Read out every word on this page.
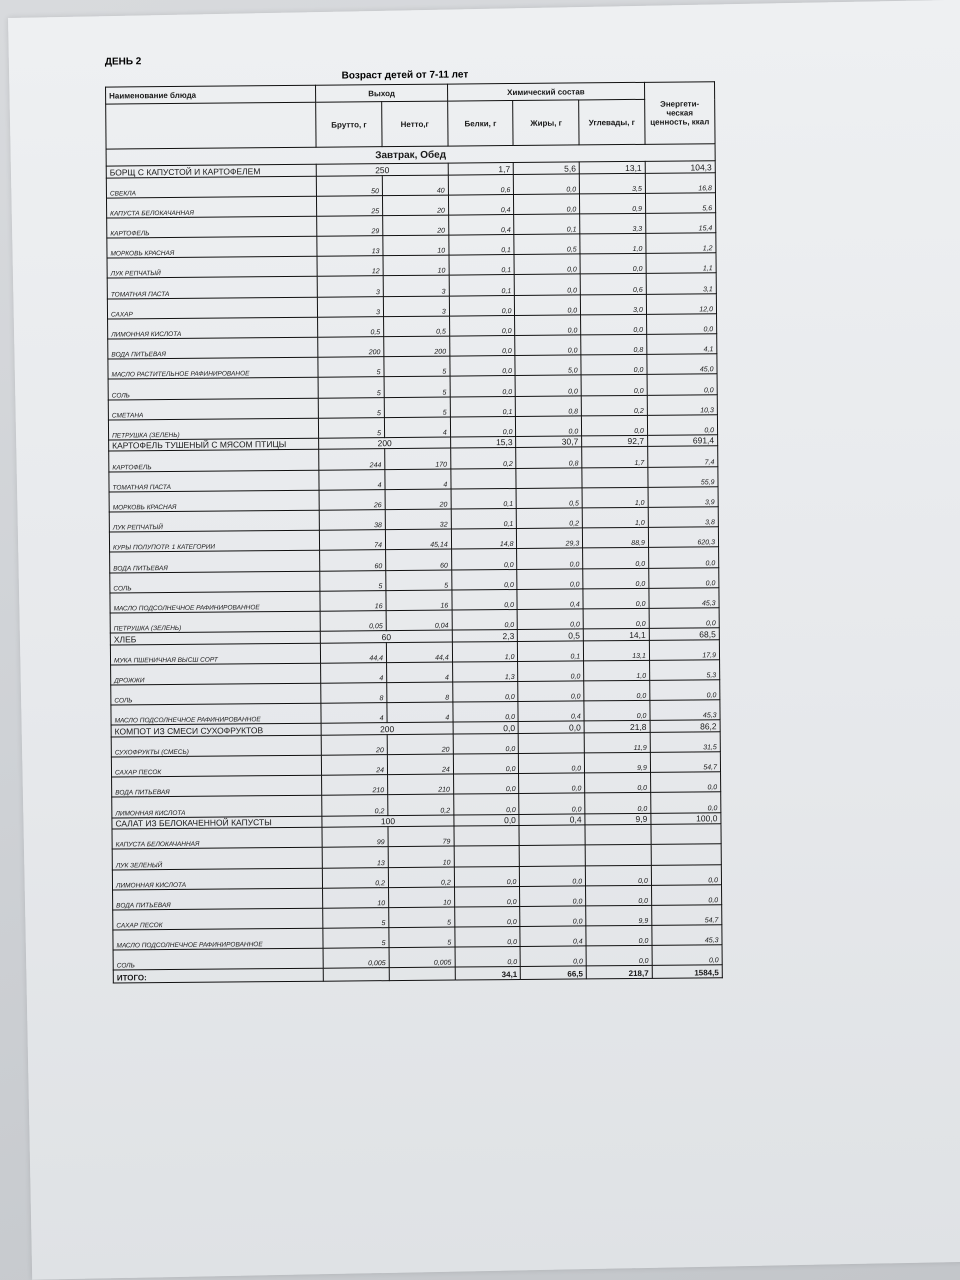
ДЕНЬ 2
Возраст детей от 7-11 лет
Наименование блюда	Выход		Химический состав			Энергети-ческая ценность, ккал
	Брутто, г	Нетто,г	Белки, г	Жиры, г	Углевады, г	
Завтрак, Обед						
БОРЩ С КАПУСТОЙ И КАРТОФЕЛЕМ	250		1,7	5,6	13,1	104,3
СВЕКЛА	50	40	0,6	0,0	3,5	16,8
КАПУСТА БЕЛОКАЧАННАЯ	25	20	0,4	0,0	0,9	5,6
КАРТОФЕЛЬ	29	20	0,4	0,1	3,3	15,4
МОРКОВЬ КРАСНАЯ	13	10	0,1	0,5	1,0	1,2
ЛУК РЕПЧАТЫЙ	12	10	0,1	0,0	0,0	1,1
ТОМАТНАЯ ПАСТА	3	3	0,1	0,0	0,6	3,1
САХАР	3	3	0,0	0,0	3,0	12,0
ЛИМОННАЯ КИСЛОТА	0,5	0,5	0,0	0,0	0,0	0,0
ВОДА ПИТЬЕВАЯ	200	200	0,0	0,0	0,8	4,1
МАСЛО РАСТИТЕЛЬНОЕ РАФИНИРОВАНОЕ	5	5	0,0	5,0	0,0	45,0
СОЛЬ	5	5	0,0	0,0	0,0	0,0
СМЕТАНА	5	5	0,1	0,8	0,2	10,3
ПЕТРУШКА (ЗЕЛЕНЬ)	5	4	0,0	0,0	0,0	0,0
КАРТОФЕЛЬ ТУШЕНЫЙ С МЯСОМ ПТИЦЫ	200		15,3	30,7	92,7	691,4
КАРТОФЕЛЬ	244	170	0,2	0,8	1,7	7,4
ТОМАТНАЯ ПАСТА	4	4				55,9
МОРКОВЬ КРАСНАЯ	26	20	0,1	0,5	1,0	3,9
ЛУК РЕПЧАТЫЙ	38	32	0,1	0,2	1,0	3,8
КУРЫ ПОЛУПОТР. 1 КАТЕГОРИИ	74	45,14	14,8	29,3	88,9	620,3
ВОДА ПИТЬЕВАЯ	60	60	0,0	0,0	0,0	0,0
СОЛЬ	5	5	0,0	0,0	0,0	0,0
МАСЛО ПОДСОЛНЕЧНОЕ РАФИНИРОВАННОЕ	16	16	0,0	0,4	0,0	45,3
ПЕТРУШКА (ЗЕЛЕНЬ)	0,05	0,04	0,0	0,0	0,0	0,0
ХЛЕБ	60		2,3	0,5	14,1	68,5
МУКА ПШЕНИЧНАЯ ВЫСШ СОРТ	44,4	44,4	1,0	0,1	13,1	17,9
ДРОЖЖИ	4	4	1,3	0,0	1,0	5,3
СОЛЬ	8	8	0,0	0,0	0,0	0,0
МАСЛО ПОДСОЛНЕЧНОЕ РАФИНИРОВАННОЕ	4	4	0,0	0,4	0,0	45,3
КОМПОТ ИЗ СМЕСИ СУХОФРУКТОВ	200		0,0	0,0	21,8	86,2
СУХОФРУКТЫ (СМЕСЬ)	20	20	0,0		11,9	31,5
САХАР ПЕСОК	24	24	0,0	0,0	9,9	54,7
ВОДА ПИТЬЕВАЯ	210	210	0,0	0,0	0,0	0,0
ЛИМОННАЯ КИСЛОТА	0,2	0,2	0,0	0,0	0,0	0,0
САЛАТ ИЗ БЕЛОКАЧЕННОЙ КАПУСТЫ	100		0,0	0,4	9,9	100,0
КАПУСТА БЕЛОКАЧАННАЯ	99	79				
ЛУК ЗЕЛЕНЫЙ	13	10				
ЛИМОННАЯ КИСЛОТА	0,2	0,2	0,0	0,0	0,0	0,0
ВОДА ПИТЬЕВАЯ	10	10	0,0	0,0	0,0	0,0
САХАР ПЕСОК	5	5	0,0	0,0	9,9	54,7
МАСЛО ПОДСОЛНЕЧНОЕ РАФИНИРОВАННОЕ	5	5	0,0	0,4	0,0	45,3
СОЛЬ	0,005	0,005	0,0	0,0	0,0	0,0
ИТОГО:			34,1	66,5	218,7	1584,5
